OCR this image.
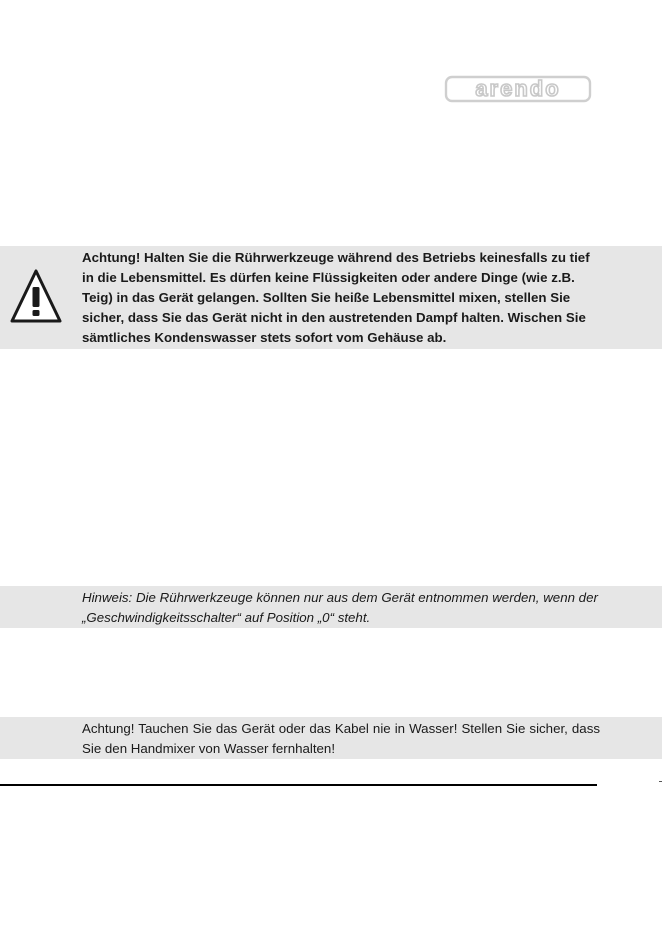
arendo
Achtung! Halten Sie die Rührwerkzeuge während des Betriebs keinesfalls zu tief in die Lebensmittel. Es dürfen keine Flüssigkeiten oder andere Dinge (wie z.B. Teig) in das Gerät gelangen. Sollten Sie heiße Lebensmittel mixen, stellen Sie sicher, dass Sie das Gerät nicht in den austretenden Dampf halten. Wischen Sie sämtliches Kondenswasser stets sofort vom Gehäuse ab.
Hinweis: Die Rührwerkzeuge können nur aus dem Gerät entnommen werden, wenn der „Geschwindigkeitsschalter“ auf Position „0“ steht.
Achtung! Tauchen Sie das Gerät oder das Kabel nie in Wasser! Stellen Sie sicher, dass Sie den Handmixer von Wasser fernhalten!
